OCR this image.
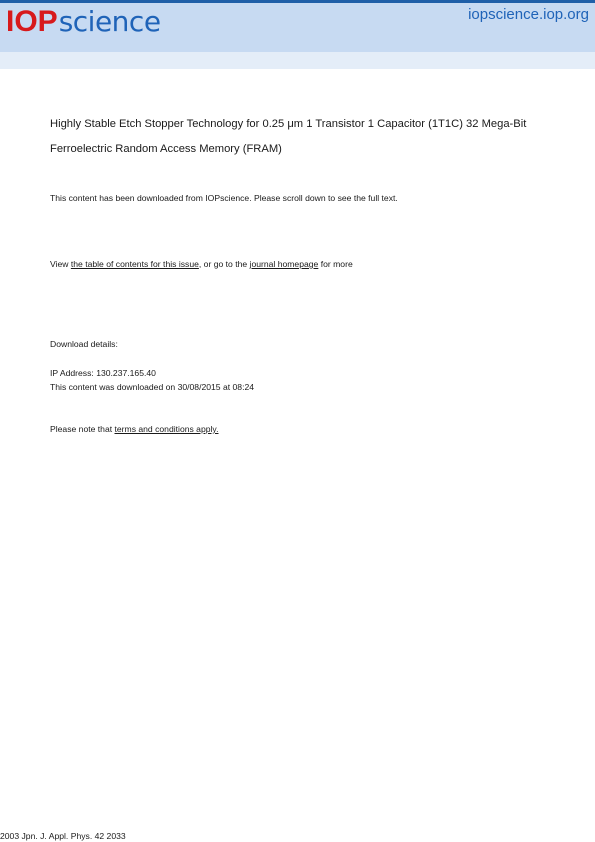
IOP science	iopscience.iop.org
Highly Stable Etch Stopper Technology for 0.25 μm 1 Transistor 1 Capacitor (1T1C) 32 Mega-Bit Ferroelectric Random Access Memory (FRAM)
This content has been downloaded from IOPscience. Please scroll down to see the full text.
View the table of contents for this issue, or go to the journal homepage for more
Download details:
IP Address: 130.237.165.40
This content was downloaded on 30/08/2015 at 08:24
Please note that terms and conditions apply.
2003 Jpn. J. Appl. Phys. 42 2033
